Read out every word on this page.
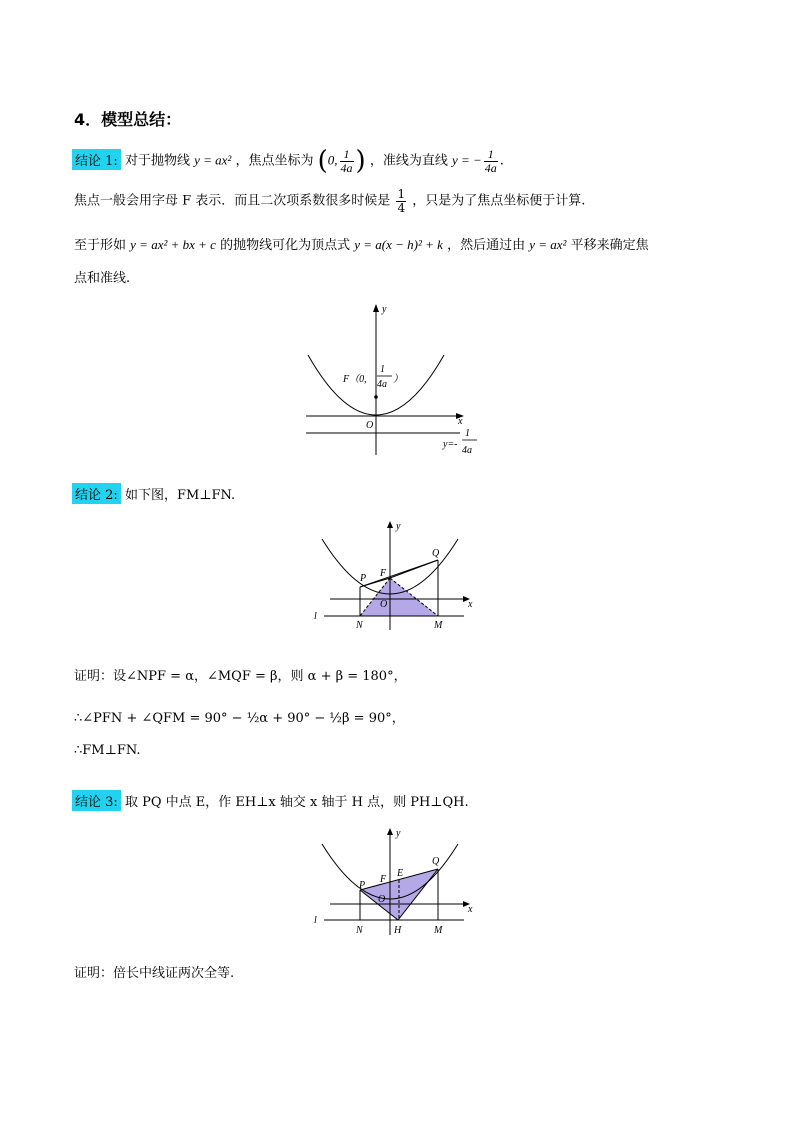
4．模型总结：
结论 1: 对于抛物线 y = ax² ，焦点坐标为 (0, $\frac{1}{4a}$ ) ，准线为直线 y = − $\frac{1}{4a}$ .
焦点一般会用字母 F 表示．而且二次项系数很多时候是 $\frac{1}{4}$ ，只是为了焦点坐标便于计算.
至于形如 y = ax² + bx + c 的抛物线可化为顶点式 y = a(x − h)² + k ，然后通过由 y = ax² 平移来确定焦
点和准线.
y
x
O
F（0,
1
4a ）
y=-
1
4a
结论 2: 如下图，FM⊥FN.
y
x
P F
Q
O
l
N	M
证明：设∠NPF = α，∠MQF = β，则 α + β = 180°，
∴∠PFN + ∠QFM = 90° − ½α + 90° − ½β = 90°，
∴FM⊥FN.
结论 3: 取 PQ 中点 E，作 EH⊥x 轴交 x 轴于 H 点，则 PH⊥QH.
y
x
P
F
E
Q
O
l
N	H	M
证明：倍长中线证两次全等.
